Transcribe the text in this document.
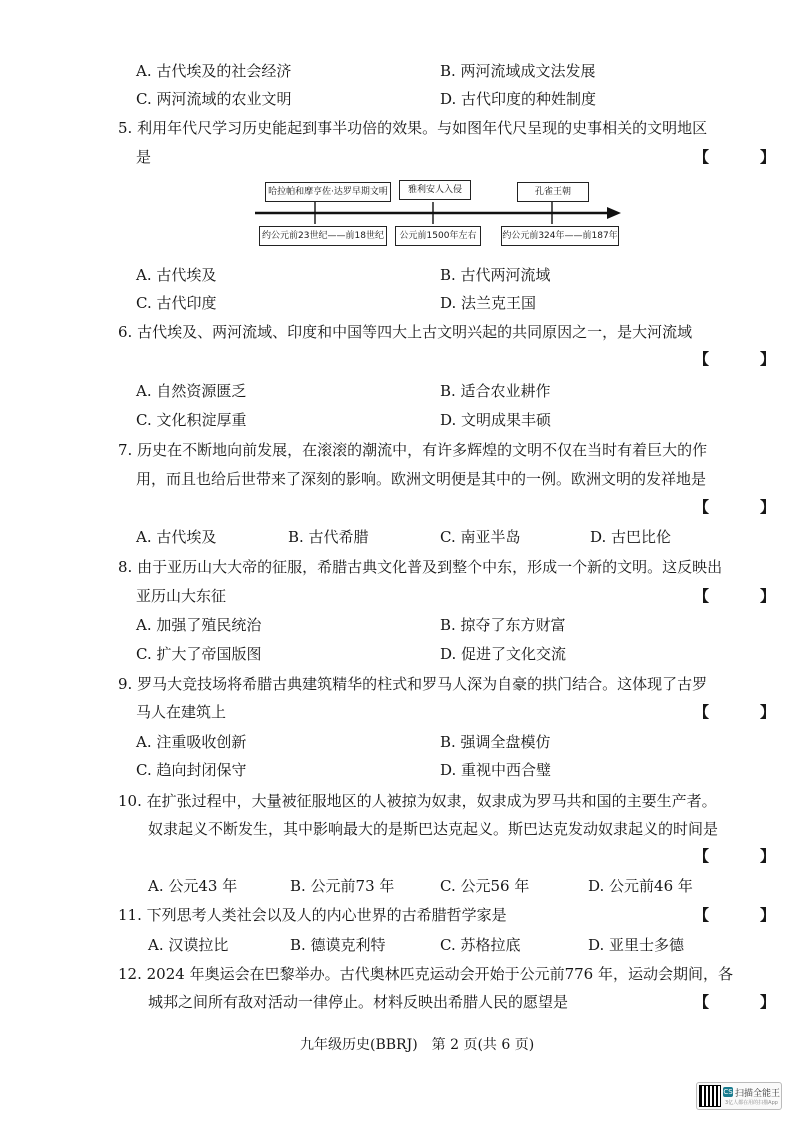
A. 古代埃及的社会经济	B. 两河流域成文法发展
C. 两河流域的农业文明	D. 古代印度的种姓制度
5. 利用年代尺学习历史能起到事半功倍的效果。与如图年代尺呈现的史事相关的文明地区
是	【　】
哈拉帕和摩亨佐·达罗早期文明	雅利安人入侵	孔雀王朝
约公元前23世纪——前18世纪	公元前1500年左右	约公元前324年——前187年
A. 古代埃及	B. 古代两河流域
C. 古代印度	D. 法兰克王国
6. 古代埃及、两河流域、印度和中国等四大上古文明兴起的共同原因之一，是大河流域
【　】
A. 自然资源匮乏	B. 适合农业耕作
C. 文化积淀厚重	D. 文明成果丰硕
7. 历史在不断地向前发展，在滚滚的潮流中，有许多辉煌的文明不仅在当时有着巨大的作
用，而且也给后世带来了深刻的影响。欧洲文明便是其中的一例。欧洲文明的发祥地是
【　】
A. 古代埃及	B. 古代希腊	C. 南亚半岛	D. 古巴比伦
8. 由于亚历山大大帝的征服，希腊古典文化普及到整个中东，形成一个新的文明。这反映出
亚历山大东征	【　】
A. 加强了殖民统治	B. 掠夺了东方财富
C. 扩大了帝国版图	D. 促进了文化交流
9. 罗马大竞技场将希腊古典建筑精华的柱式和罗马人深为自豪的拱门结合。这体现了古罗
马人在建筑上	【　】
A. 注重吸收创新	B. 强调全盘模仿
C. 趋向封闭保守	D. 重视中西合璧
10. 在扩张过程中，大量被征服地区的人被掠为奴隶，奴隶成为罗马共和国的主要生产者。
奴隶起义不断发生，其中影响最大的是斯巴达克起义。斯巴达克发动奴隶起义的时间是
【　】
A. 公元43 年	B. 公元前73 年	C. 公元56 年	D. 公元前46 年
11. 下列思考人类社会以及人的内心世界的古希腊哲学家是	【　】
A. 汉谟拉比	B. 德谟克利特	C. 苏格拉底	D. 亚里士多德
12. 2024 年奥运会在巴黎举办。古代奥林匹克运动会开始于公元前776 年，运动会期间，各
城邦之间所有敌对活动一律停止。材料反映出希腊人民的愿望是	【　】
九年级历史(BBRJ)　第 2 页(共 6 页)
CS 扫描全能王
3亿人都在用的扫描App
